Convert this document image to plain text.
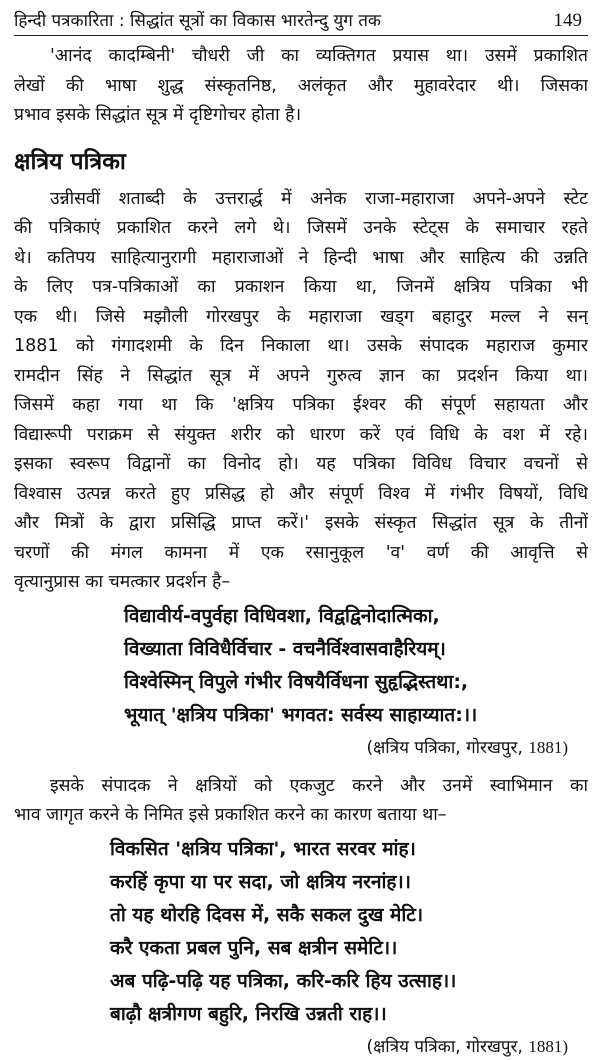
हिन्दी पत्रकारिता : सिद्धांत सूत्रों का विकास भारतेन्दु युग तक	149

'आनंद कादम्बिनी' चौधरी जी का व्यक्तिगत प्रयास था। उसमें प्रकाशित
लेखों की भाषा शुद्ध संस्कृतनिष्ठ, अलंकृत और मुहावरेदार थी। जिसका
प्रभाव इसके सिद्धांत सूत्र में दृष्टिगोचर होता है।

क्षत्रिय पत्रिका

उन्नीसवीं शताब्दी के उत्तरार्द्ध में अनेक राजा-महाराजा अपने-अपने स्टेट
की पत्रिकाएं प्रकाशित करने लगे थे। जिसमें उनके स्टेट्स के समाचार रहते
थे। कतिपय साहित्यानुरागी महाराजाओं ने हिन्दी भाषा और साहित्य की उन्नति
के लिए पत्र-पत्रिकाओं का प्रकाशन किया था, जिनमें क्षत्रिय पत्रिका भी
एक थी। जिसे मझौली गोरखपुर के महाराजा खड्ग बहादुर मल्ल ने सन्
1881 को गंगादशमी के दिन निकाला था। उसके संपादक महाराज कुमार
रामदीन सिंह ने सिद्धांत सूत्र में अपने गुरुत्व ज्ञान का प्रदर्शन किया था।
जिसमें कहा गया था कि 'क्षत्रिय पत्रिका ईश्वर की संपूर्ण सहायता और
विद्यारूपी पराक्रम से संयुक्त शरीर को धारण करें एवं विधि के वश में रहे।
इसका स्वरूप विद्वानों का विनोद हो। यह पत्रिका विविध विचार वचनों से
विश्वास उत्पन्न करते हुए प्रसिद्ध हो और संपूर्ण विश्व में गंभीर विषयों, विधि
और मित्रों के द्वारा प्रसिद्धि प्राप्त करें।' इसके संस्कृत सिद्धांत सूत्र के तीनों
चरणों की मंगल कामना में एक रसानुकूल 'व' वर्ण की आवृत्ति से
वृत्यानुप्रास का चमत्कार प्रदर्शन है–

विद्यावीर्य-वपुर्वहा विधिवशा, विद्वद्विनोदात्मिका,
विख्याता विविधैर्विचार - वचनैर्विश्वासवाहैरियम्।
विश्वेस्मिन् विपुले गंभीर विषयैर्विधना सुहृद्भिस्तथा:,
भूयात् 'क्षत्रिय पत्रिका' भगवत: सर्वस्य साहाय्यात:।।
(क्षत्रिय पत्रिका, गोरखपुर, 1881)

इसके संपादक ने क्षत्रियों को एकजुट करने और उनमें स्वाभिमान का
भाव जागृत करने के निमित इसे प्रकाशित करने का कारण बताया था–

विकसित 'क्षत्रिय पत्रिका', भारत सरवर मांह।
करहिं कृपा या पर सदा, जो क्षत्रिय नरनांह।।
तो यह थोरहि दिवस में, सकै सकल दुख मेटि।
करै एकता प्रबल पुनि, सब क्षत्रीन समेटि।।
अब पढ़ि-पढ़ि यह पत्रिका, करि-करि हिय उत्साह।।
बाढ़ौ क्षत्रीगण बहुरि, निरखि उन्नती राह।।
(क्षत्रिय पत्रिका, गोरखपुर, 1881)
